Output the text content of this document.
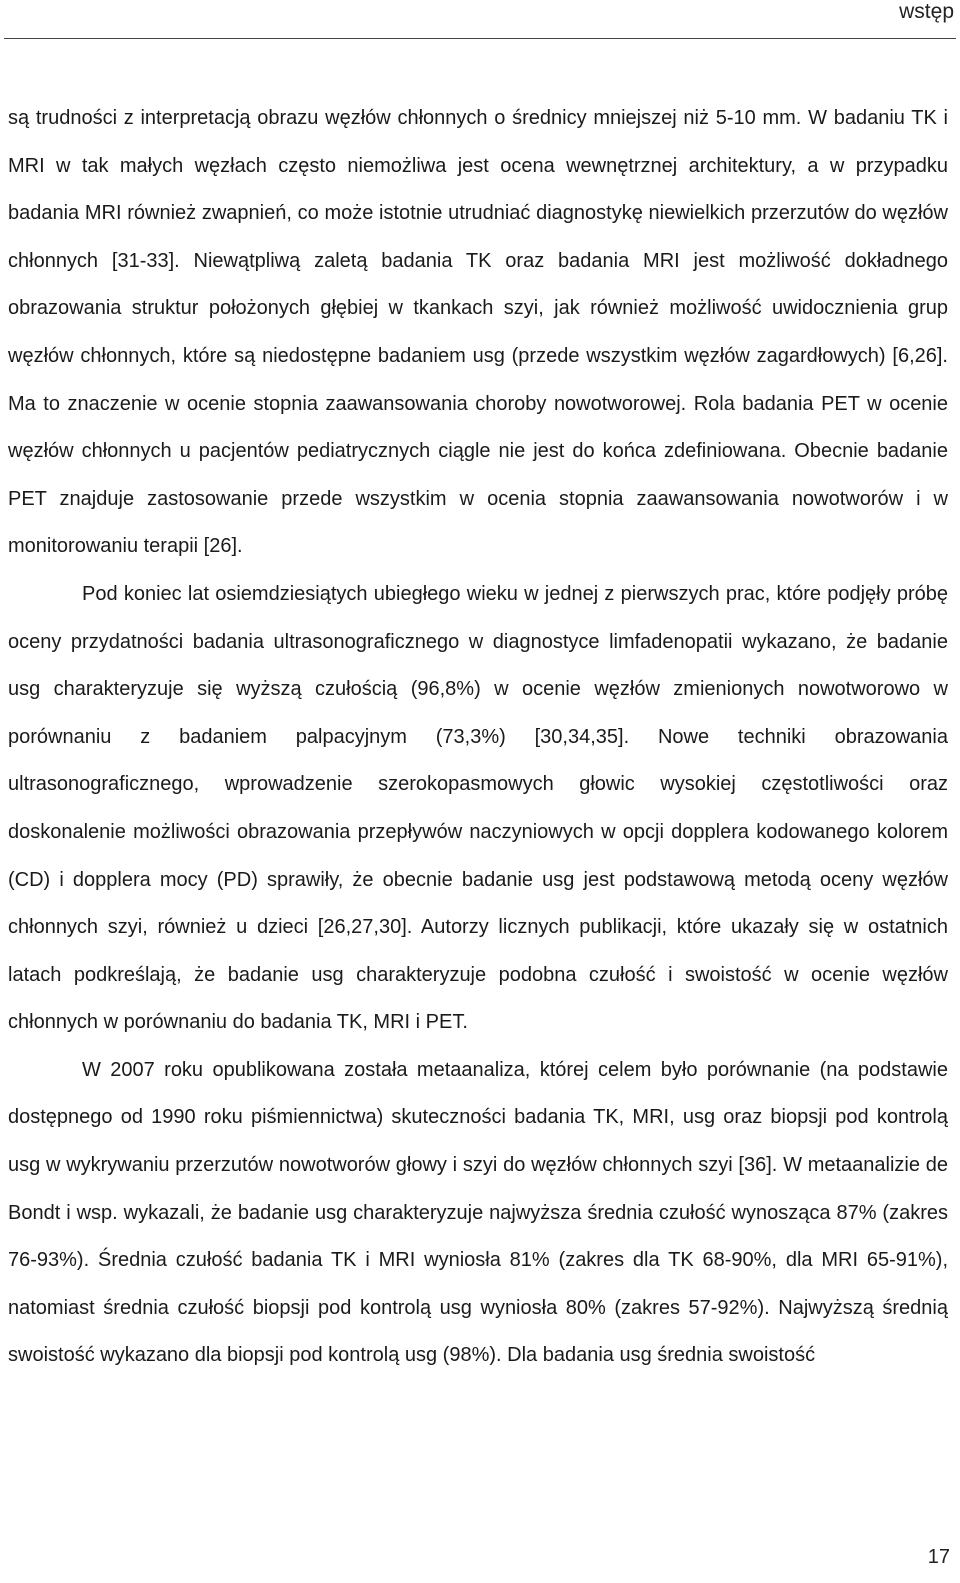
wstęp

są trudności z interpretacją obrazu węzłów chłonnych o średnicy mniejszej niż 5-10 mm. W badaniu TK i MRI w tak małych węzłach często niemożliwa jest ocena wewnętrznej architektury, a w przypadku badania MRI również zwapnień, co może istotnie utrudniać diagnostykę niewielkich przerzutów do węzłów chłonnych [31-33]. Niewątpliwą zaletą badania TK oraz badania MRI jest możliwość dokładnego obrazowania struktur położonych głębiej w tkankach szyi, jak również możliwość uwidocznienia grup węzłów chłonnych, które są niedostępne badaniem usg (przede wszystkim węzłów zagardłowych) [6,26]. Ma to znaczenie w ocenie stopnia zaawansowania choroby nowotworowej. Rola badania PET w ocenie węzłów chłonnych u pacjentów pediatrycznych ciągle nie jest do końca zdefiniowana. Obecnie badanie PET znajduje zastosowanie przede wszystkim w ocenia stopnia zaawansowania nowotworów i w monitorowaniu terapii [26].

Pod koniec lat osiemdziesiątych ubiegłego wieku w jednej z pierwszych prac, które podjęły próbę oceny przydatności badania ultrasonograficznego w diagnostyce limfadenopatii wykazano, że badanie usg charakteryzuje się wyższą czułością (96,8%) w ocenie węzłów zmienionych nowotworowo w porównaniu z badaniem palpacyjnym (73,3%) [30,34,35]. Nowe techniki obrazowania ultrasonograficznego, wprowadzenie szerokopasmowych głowic wysokiej częstotliwości oraz doskonalenie możliwości obrazowania przepływów naczyniowych w opcji dopplera kodowanego kolorem (CD) i dopplera mocy (PD) sprawiły, że obecnie badanie usg jest podstawową metodą oceny węzłów chłonnych szyi, również u dzieci [26,27,30]. Autorzy licznych publikacji, które ukazały się w ostatnich latach podkreślają, że badanie usg charakteryzuje podobna czułość i swoistość w ocenie węzłów chłonnych w porównaniu do badania TK, MRI i PET.

W 2007 roku opublikowana została metaanaliza, której celem było porównanie (na podstawie dostępnego od 1990 roku piśmiennictwa) skuteczności badania TK, MRI, usg oraz biopsji pod kontrolą usg w wykrywaniu przerzutów nowotworów głowy i szyi do węzłów chłonnych szyi [36]. W metaanalizie de Bondt i wsp. wykazali, że badanie usg charakteryzuje najwyższa średnia czułość wynosząca 87% (zakres 76-93%). Średnia czułość badania TK i MRI wyniosła 81% (zakres dla TK 68-90%, dla MRI 65-91%), natomiast średnia czułość biopsji pod kontrolą usg wyniosła 80% (zakres 57-92%). Najwyższą średnią swoistość wykazano dla biopsji pod kontrolą usg (98%). Dla badania usg średnia swoistość

17
